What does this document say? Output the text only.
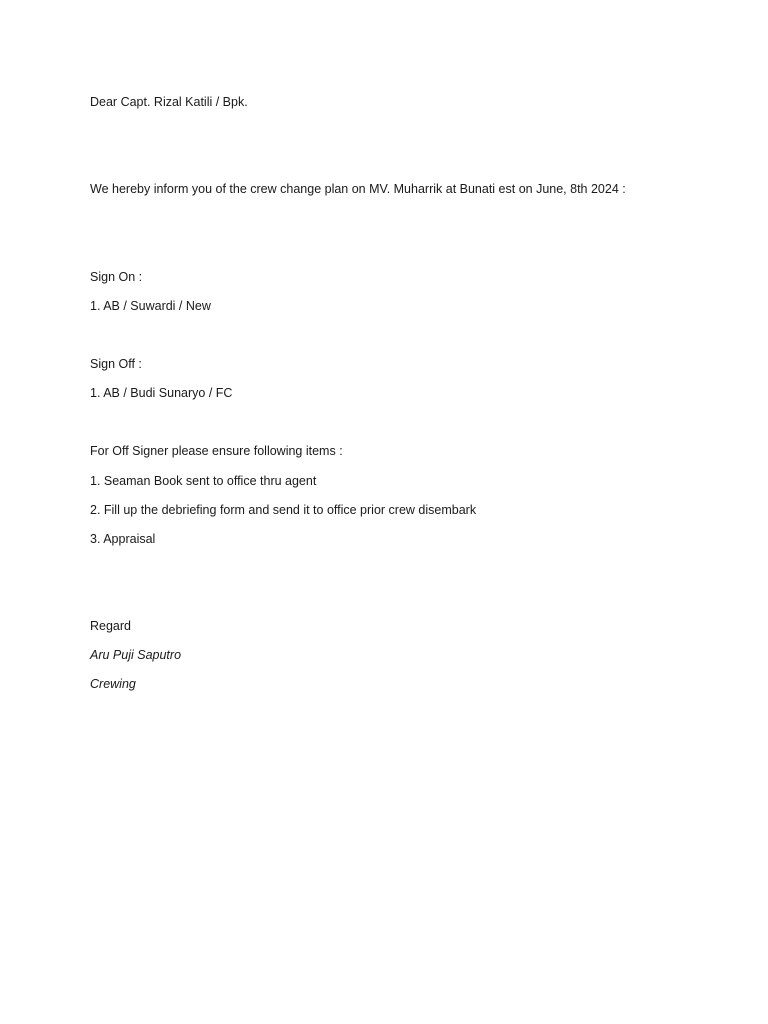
Dear Capt. Rizal Katili / Bpk.
We hereby inform you of the crew change plan on MV. Muharrik at Bunati est on June, 8th 2024 :
Sign On :
1. AB / Suwardi / New
Sign Off :
1. AB / Budi Sunaryo / FC
For Off Signer please ensure following items :
1. Seaman Book sent to office thru agent
2. Fill up the debriefing form and send it to office prior crew disembark
3. Appraisal
Regard
Aru Puji Saputro
Crewing
